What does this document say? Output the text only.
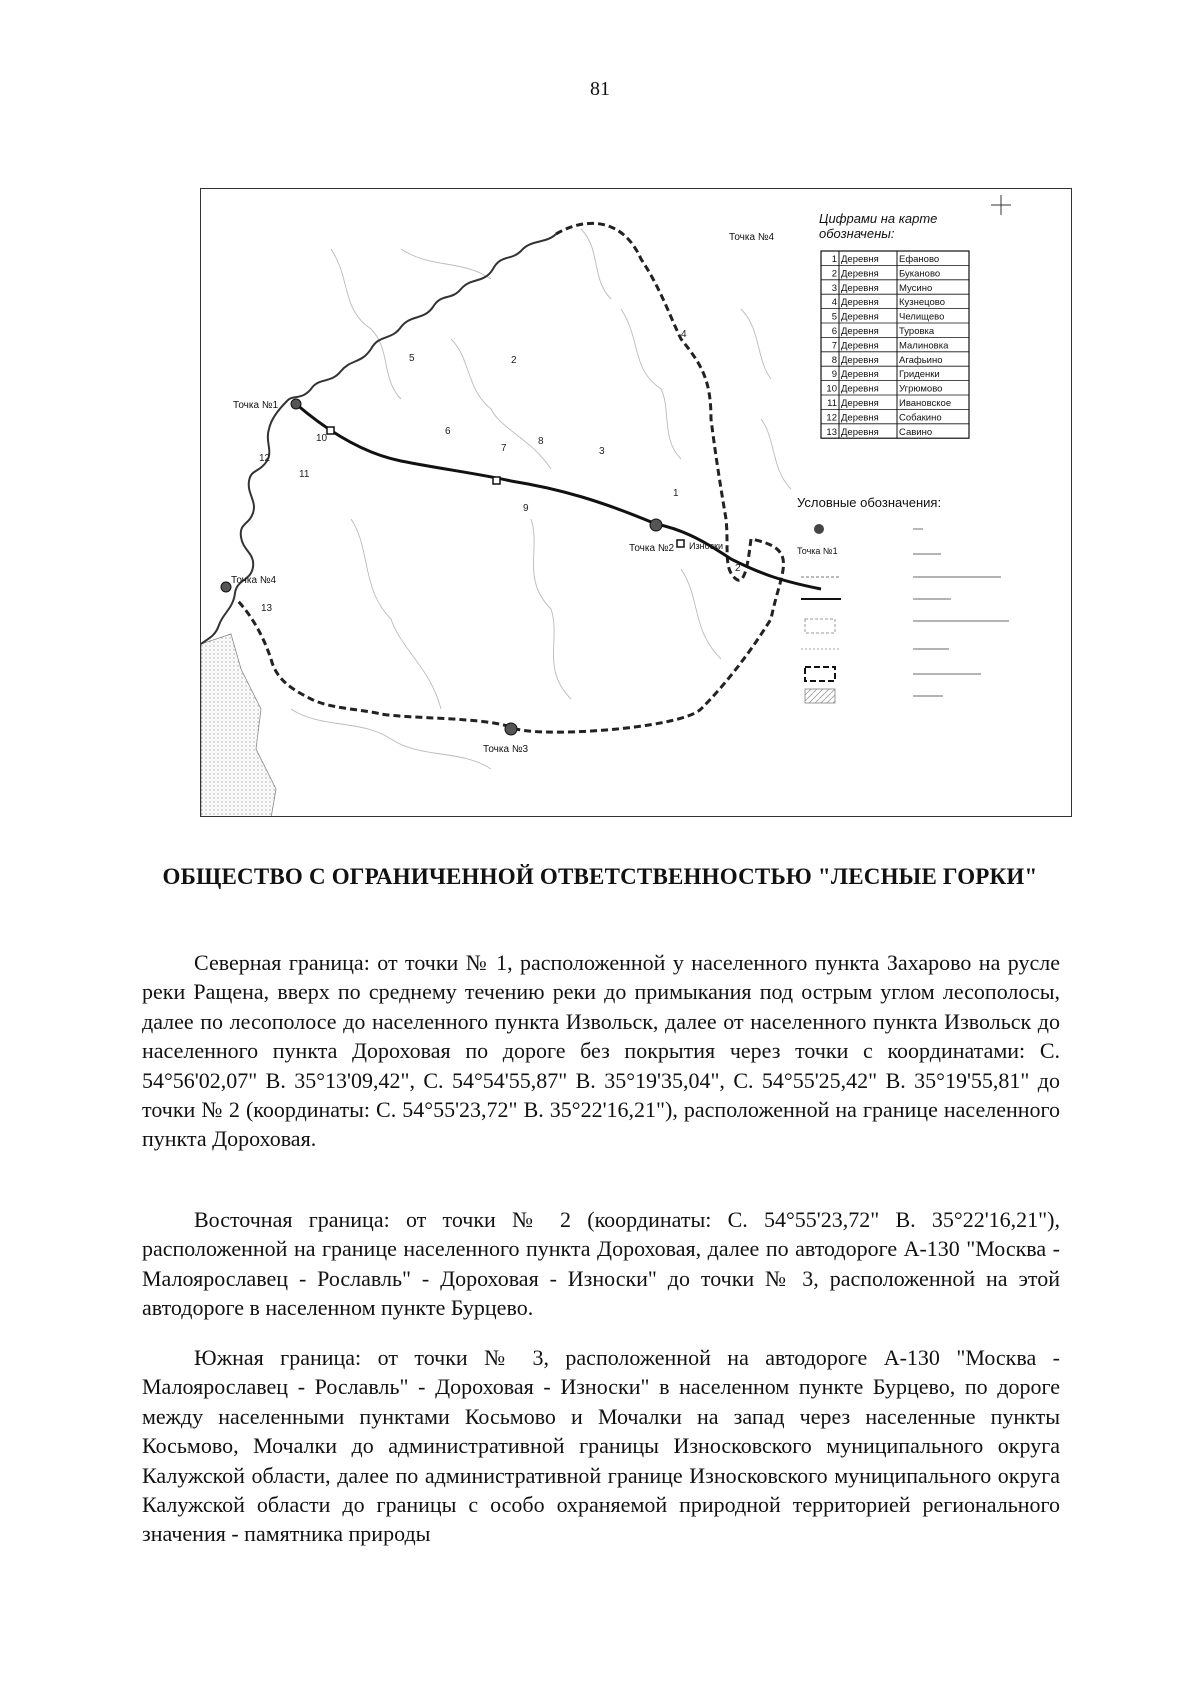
81
Точка №1
Точка №2
Точка №3
Точка №4
Точка №4
Износки
1
2
3
4
5
6
7
8
9
10
11
12
13
2
Цифрами на карте
обозначены:
1 Деревня Ефаново
2 Деревня Буканово
3 Деревня Мусино
4 Деревня Кузнецово
5 Деревня Челищево
6 Деревня Туровка
7 Деревня Малиновка
8 Деревня Агафьино
9 Деревня Гриденки
10 Деревня Угрюмово
11 Деревня Ивановское
12 Деревня Собакино
13 Деревня Савино
Условные обозначения:
Точка №1
ОБЩЕСТВО С ОГРАНИЧЕННОЙ ОТВЕТСТВЕННОСТЬЮ "ЛЕСНЫЕ ГОРКИ"
Северная граница: от точки № 1, расположенной у населенного пункта Захарово на русле реки Ращена, вверх по среднему течению реки до примыкания под острым углом лесополосы, далее по лесополосе до населенного пункта Извольск, далее от населенного пункта Извольск до населенного пункта Дороховая по дороге без покрытия через точки с координатами: С. 54°56'02,07" В. 35°13'09,42", С. 54°54'55,87" В. 35°19'35,04", С. 54°55'25,42" В. 35°19'55,81" до точки № 2 (координаты: С. 54°55'23,72" В. 35°22'16,21"), расположенной на границе населенного пункта Дороховая.
Восточная граница: от точки № 2 (координаты: С. 54°55'23,72" В. 35°22'16,21"), расположенной на границе населенного пункта Дороховая, далее по автодороге А-130 "Москва - Малоярославец - Рославль" - Дороховая - Износки" до точки № 3, расположенной на этой автодороге в населенном пункте Бурцево.
Южная граница: от точки № 3, расположенной на автодороге А-130 "Москва - Малоярославец - Рославль" - Дороховая - Износки" в населенном пункте Бурцево, по дороге между населенными пунктами Косьмово и Мочалки на запад через населенные пункты Косьмово, Мочалки до административной границы Износковского муниципального округа Калужской области, далее по административной границе Износковского муниципального округа Калужской области до границы с особо охраняемой природной территорией регионального значения - памятника природы
